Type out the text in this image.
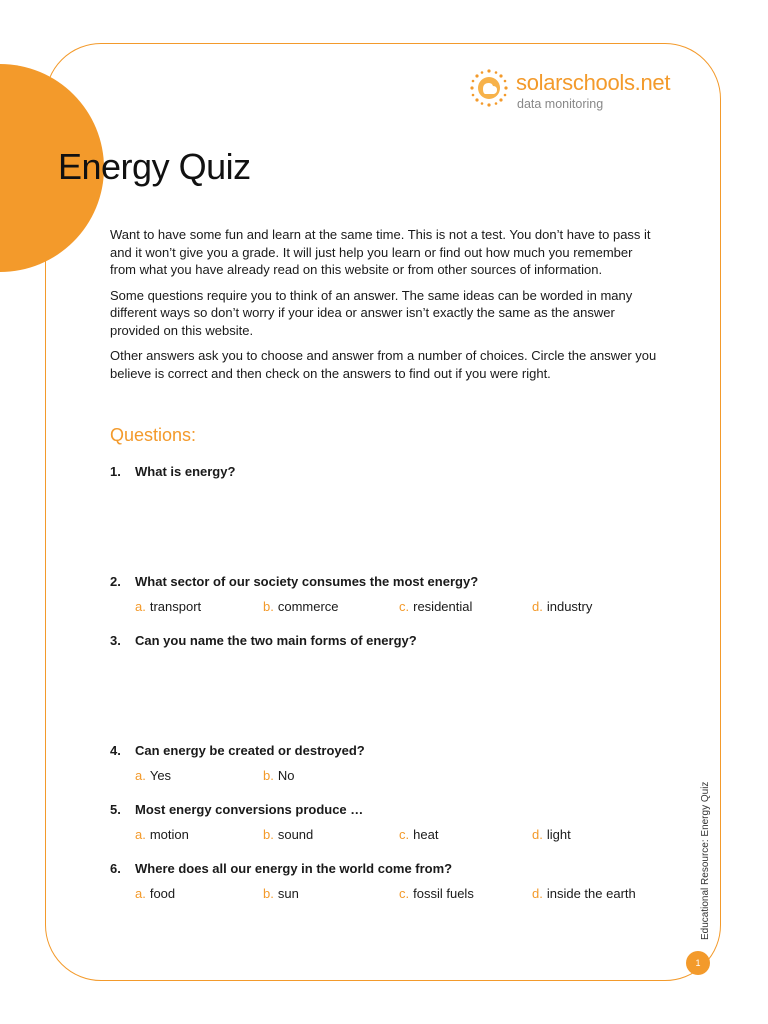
solarschools.net
data monitoring
Energy Quiz

Want to have some fun and learn at the same time. This is not a test. You don’t have to pass it and it won’t give you a grade. It will just help you learn or find out how much you remember from what you have already read on this website or from other sources of information.

Some questions require you to think of an answer. The same ideas can be worded in many different ways so don’t worry if your idea or answer isn’t exactly the same as the answer provided on this website.

Other answers ask you to choose and answer from a number of choices. Circle the answer you believe is correct and then check on the answers to find out if you were right.

Questions:
1. What is energy?
2. What sector of our society consumes the most energy?
a. transport	b. commerce	c. residential	d. industry
3. Can you name the two main forms of energy?
4. Can energy be created or destroyed?
a. Yes	b. No
5. Most energy conversions produce …
a. motion	b. sound	c. heat	d. light
6. Where does all our energy in the world come from?
a. food	b. sun	c. fossil fuels	d. inside the earth	Educational Resource: Energy Quiz
1
